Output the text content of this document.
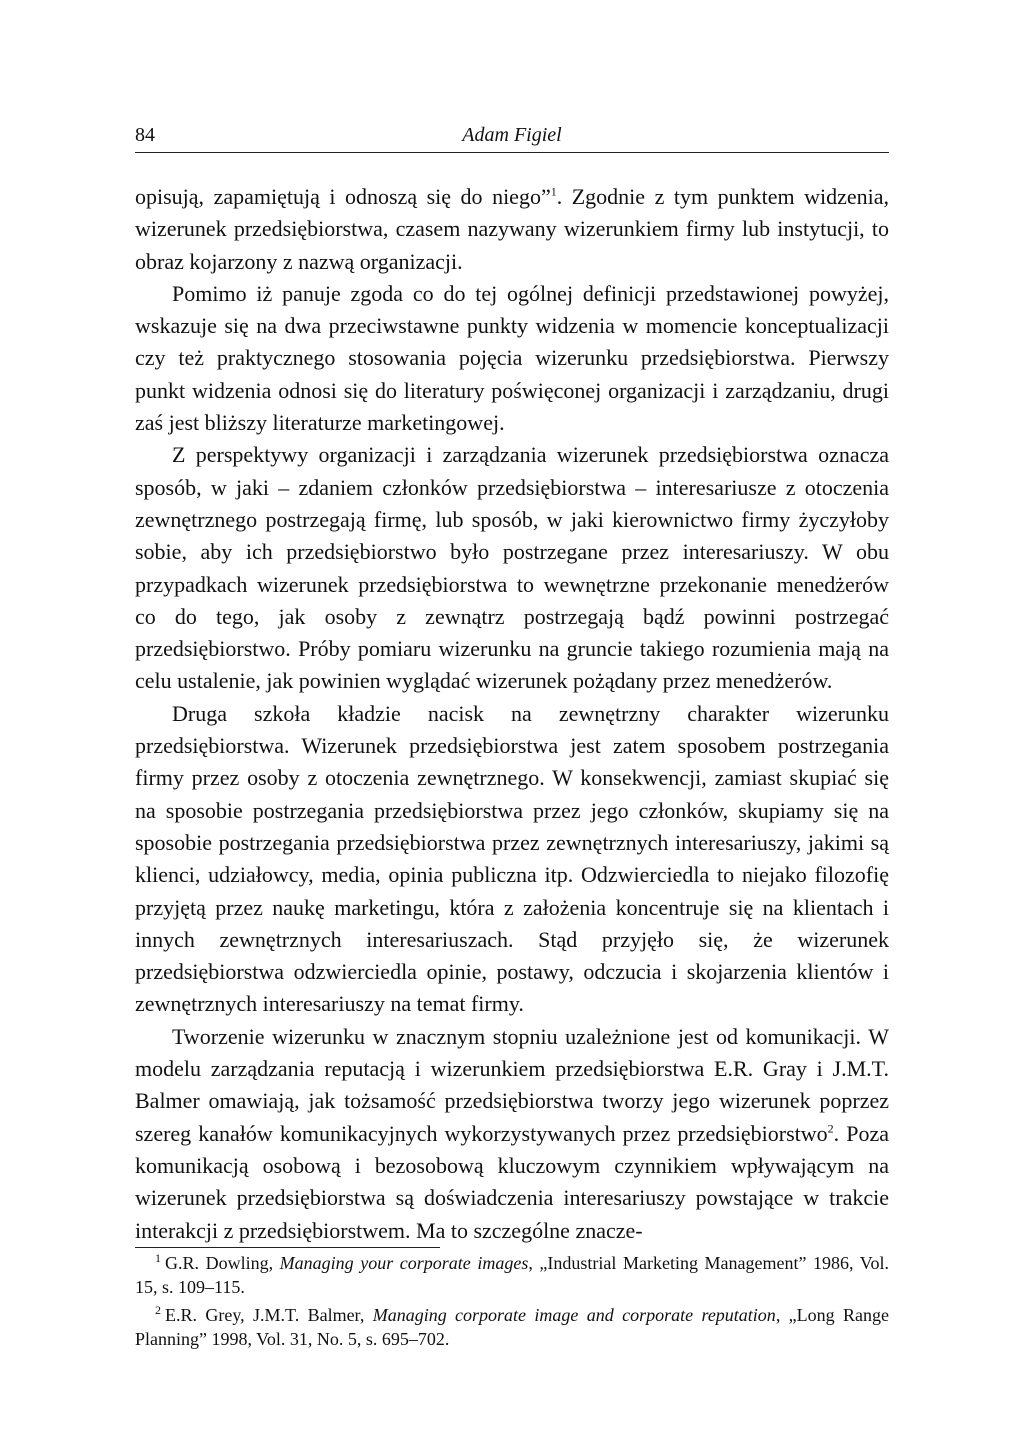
84	Adam Figiel

opisują, zapamiętują i odnoszą się do niego”$^1$. Zgodnie z tym punktem widzenia, wizerunek przedsiębiorstwa, czasem nazywany wizerunkiem firmy lub instytucji, to obraz kojarzony z nazwą organizacji.

Pomimo iż panuje zgoda co do tej ogólnej definicji przedstawionej powyżej, wskazuje się na dwa przeciwstawne punkty widzenia w momencie konceptualizacji czy też praktycznego stosowania pojęcia wizerunku przedsiębiorstwa. Pierwszy punkt widzenia odnosi się do literatury poświęconej organizacji i zarządzaniu, drugi zaś jest bliższy literaturze marketingowej.

Z perspektywy organizacji i zarządzania wizerunek przedsiębiorstwa oznacza sposób, w jaki – zdaniem członków przedsiębiorstwa – interesariusze z otoczenia zewnętrznego postrzegają firmę, lub sposób, w jaki kierownictwo firmy życzyłoby sobie, aby ich przedsiębiorstwo było postrzegane przez interesariuszy. W obu przypadkach wizerunek przedsiębiorstwa to wewnętrzne przekonanie menedżerów co do tego, jak osoby z zewnątrz postrzegają bądź powinni postrzegać przedsiębiorstwo. Próby pomiaru wizerunku na gruncie takiego rozumienia mają na celu ustalenie, jak powinien wyglądać wizerunek pożądany przez menedżerów.

Druga szkoła kładzie nacisk na zewnętrzny charakter wizerunku przedsiębiorstwa. Wizerunek przedsiębiorstwa jest zatem sposobem postrzegania firmy przez osoby z otoczenia zewnętrznego. W konsekwencji, zamiast skupiać się na sposobie postrzegania przedsiębiorstwa przez jego członków, skupiamy się na sposobie postrzegania przedsiębiorstwa przez zewnętrznych interesariuszy, jakimi są klienci, udziałowcy, media, opinia publiczna itp. Odzwierciedla to niejako filozofię przyjętą przez naukę marketingu, która z założenia koncentruje się na klientach i innych zewnętrznych interesariuszach. Stąd przyjęło się, że wizerunek przedsiębiorstwa odzwierciedla opinie, postawy, odczucia i skojarzenia klientów i zewnętrznych interesariuszy na temat firmy.

Tworzenie wizerunku w znacznym stopniu uzależnione jest od komunikacji. W modelu zarządzania reputacją i wizerunkiem przedsiębiorstwa E.R. Gray i J.M.T. Balmer omawiają, jak tożsamość przedsiębiorstwa tworzy jego wizerunek poprzez szereg kanałów komunikacyjnych wykorzystywanych przez przedsiębiorstwo$^2$. Poza komunikacją osobową i bezosobową kluczowym czynnikiem wpływającym na wizerunek przedsiębiorstwa są doświadczenia interesariuszy powstające w trakcie interakcji z przedsiębiorstwem. Ma to szczególne znacze-

$^1$ G.R. Dowling, Managing your corporate images, „Industrial Marketing Management” 1986, Vol. 15, s. 109–115.

$^2$ E.R. Grey, J.M.T. Balmer, Managing corporate image and corporate reputation, „Long Range Planning” 1998, Vol. 31, No. 5, s. 695–702.
